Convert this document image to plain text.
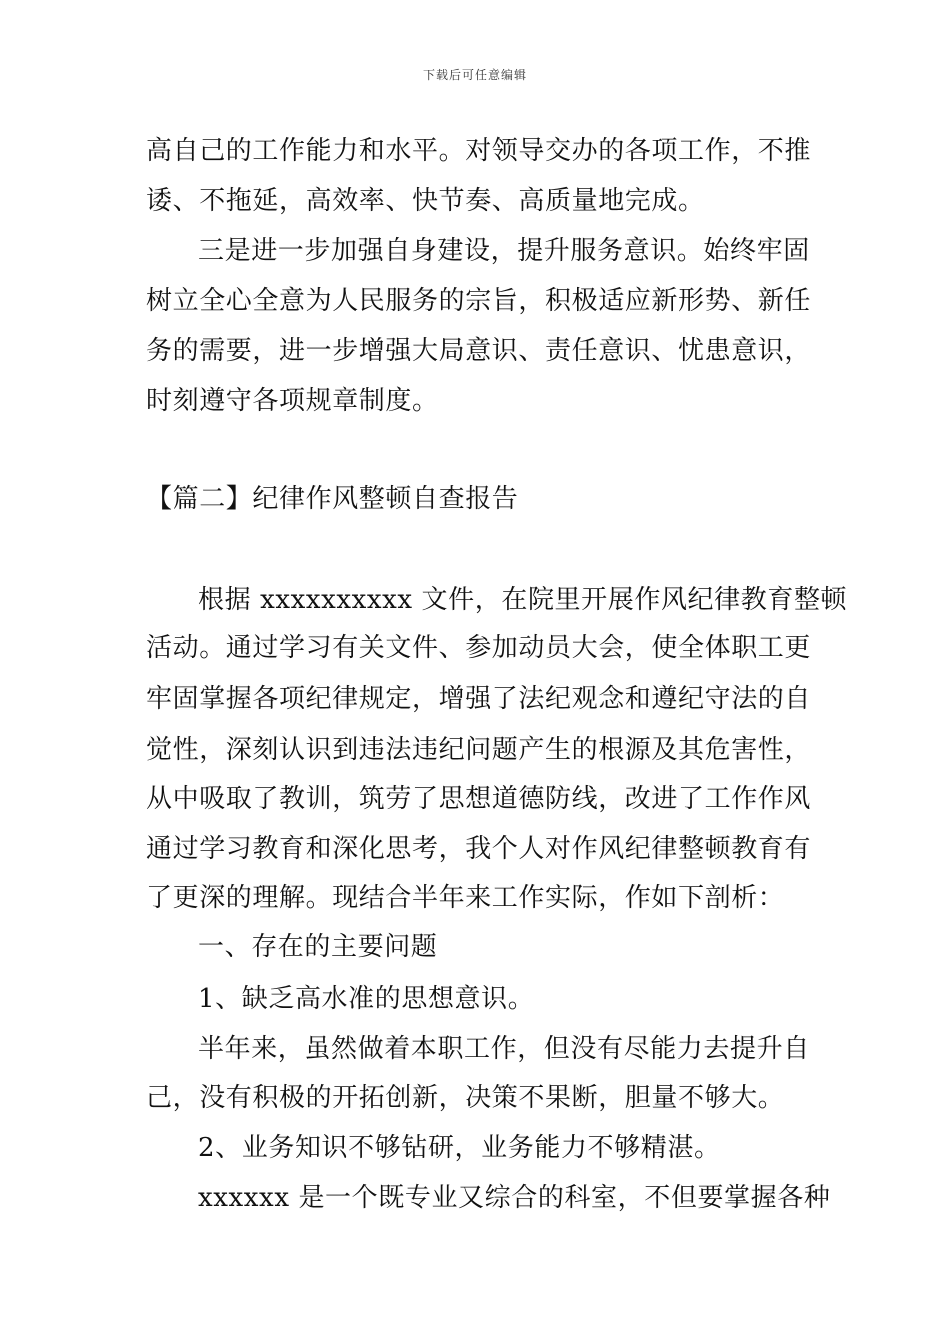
下载后可任意编辑
高自己的工作能力和水平。对领导交办的各项工作，不推
诿、不拖延，高效率、快节奏、高质量地完成。
三是进一步加强自身建设，提升服务意识。始终牢固
树立全心全意为人民服务的宗旨，积极适应新形势、新任
务的需要，进一步增强大局意识、责任意识、忧患意识，
时刻遵守各项规章制度。
【篇二】纪律作风整顿自查报告
根据 xxxxxxxxxx 文件，在院里开展作风纪律教育整顿
活动。通过学习有关文件、参加动员大会，使全体职工更
牢固掌握各项纪律规定，增强了法纪观念和遵纪守法的自
觉性，深刻认识到违法违纪问题产生的根源及其危害性，
从中吸取了教训，筑劳了思想道德防线，改进了工作作风
通过学习教育和深化思考，我个人对作风纪律整顿教育有
了更深的理解。现结合半年来工作实际，作如下剖析：
一、存在的主要问题
1、缺乏高水准的思想意识。
半年来，虽然做着本职工作，但没有尽能力去提升自
己，没有积极的开拓创新，决策不果断，胆量不够大。
2、业务知识不够钻研，业务能力不够精湛。
xxxxxx 是一个既专业又综合的科室，不但要掌握各种
